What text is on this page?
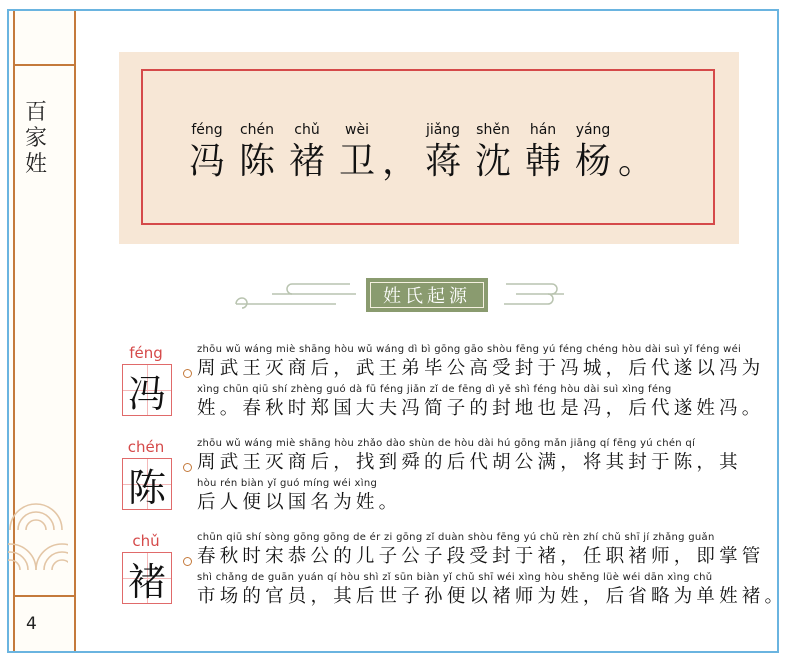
百家姓
4
féng
冯
chén
陈
chǔ
褚
wèi
卫 ，
jiǎng
蒋
shěn
沈
hán
韩
yáng
杨 。
姓氏起源
féng
冯
zhōu wǔ wáng miè shāng hòu wǔ wáng dì bì gōng gāo shòu fēng yú féng chéng hòu dài suì yǐ féng wéi
周武王灭商后，武王弟毕公高受封于冯城，后代遂以冯为
xìng chūn qiū shí zhèng guó dà fū féng jiǎn zǐ de fēng dì yě shì féng hòu dài suì xìng féng
姓。春秋时郑国大夫冯简子的封地也是冯，后代遂姓冯。
chén
陈
zhōu wǔ wáng miè shāng hòu zhǎo dào shùn de hòu dài hú gōng mǎn jiāng qí fēng yú chén qí
周武王灭商后，找到舜的后代胡公满，将其封于陈，其
hòu rén biàn yǐ guó míng wéi xìng
后人便以国名为姓。
chǔ
褚
chūn qiū shí sòng gōng gōng de ér zi gōng zǐ duàn shòu fēng yú chǔ rèn zhí chǔ shī jí zhǎng guǎn
春秋时宋恭公的儿子公子段受封于褚，任职褚师，即掌管
shì chǎng de guān yuán qí hòu shì zǐ sūn biàn yǐ chǔ shī wéi xìng hòu shěng lüè wéi dān xìng chǔ
市场的官员，其后世子孙便以褚师为姓，后省略为单姓褚。
